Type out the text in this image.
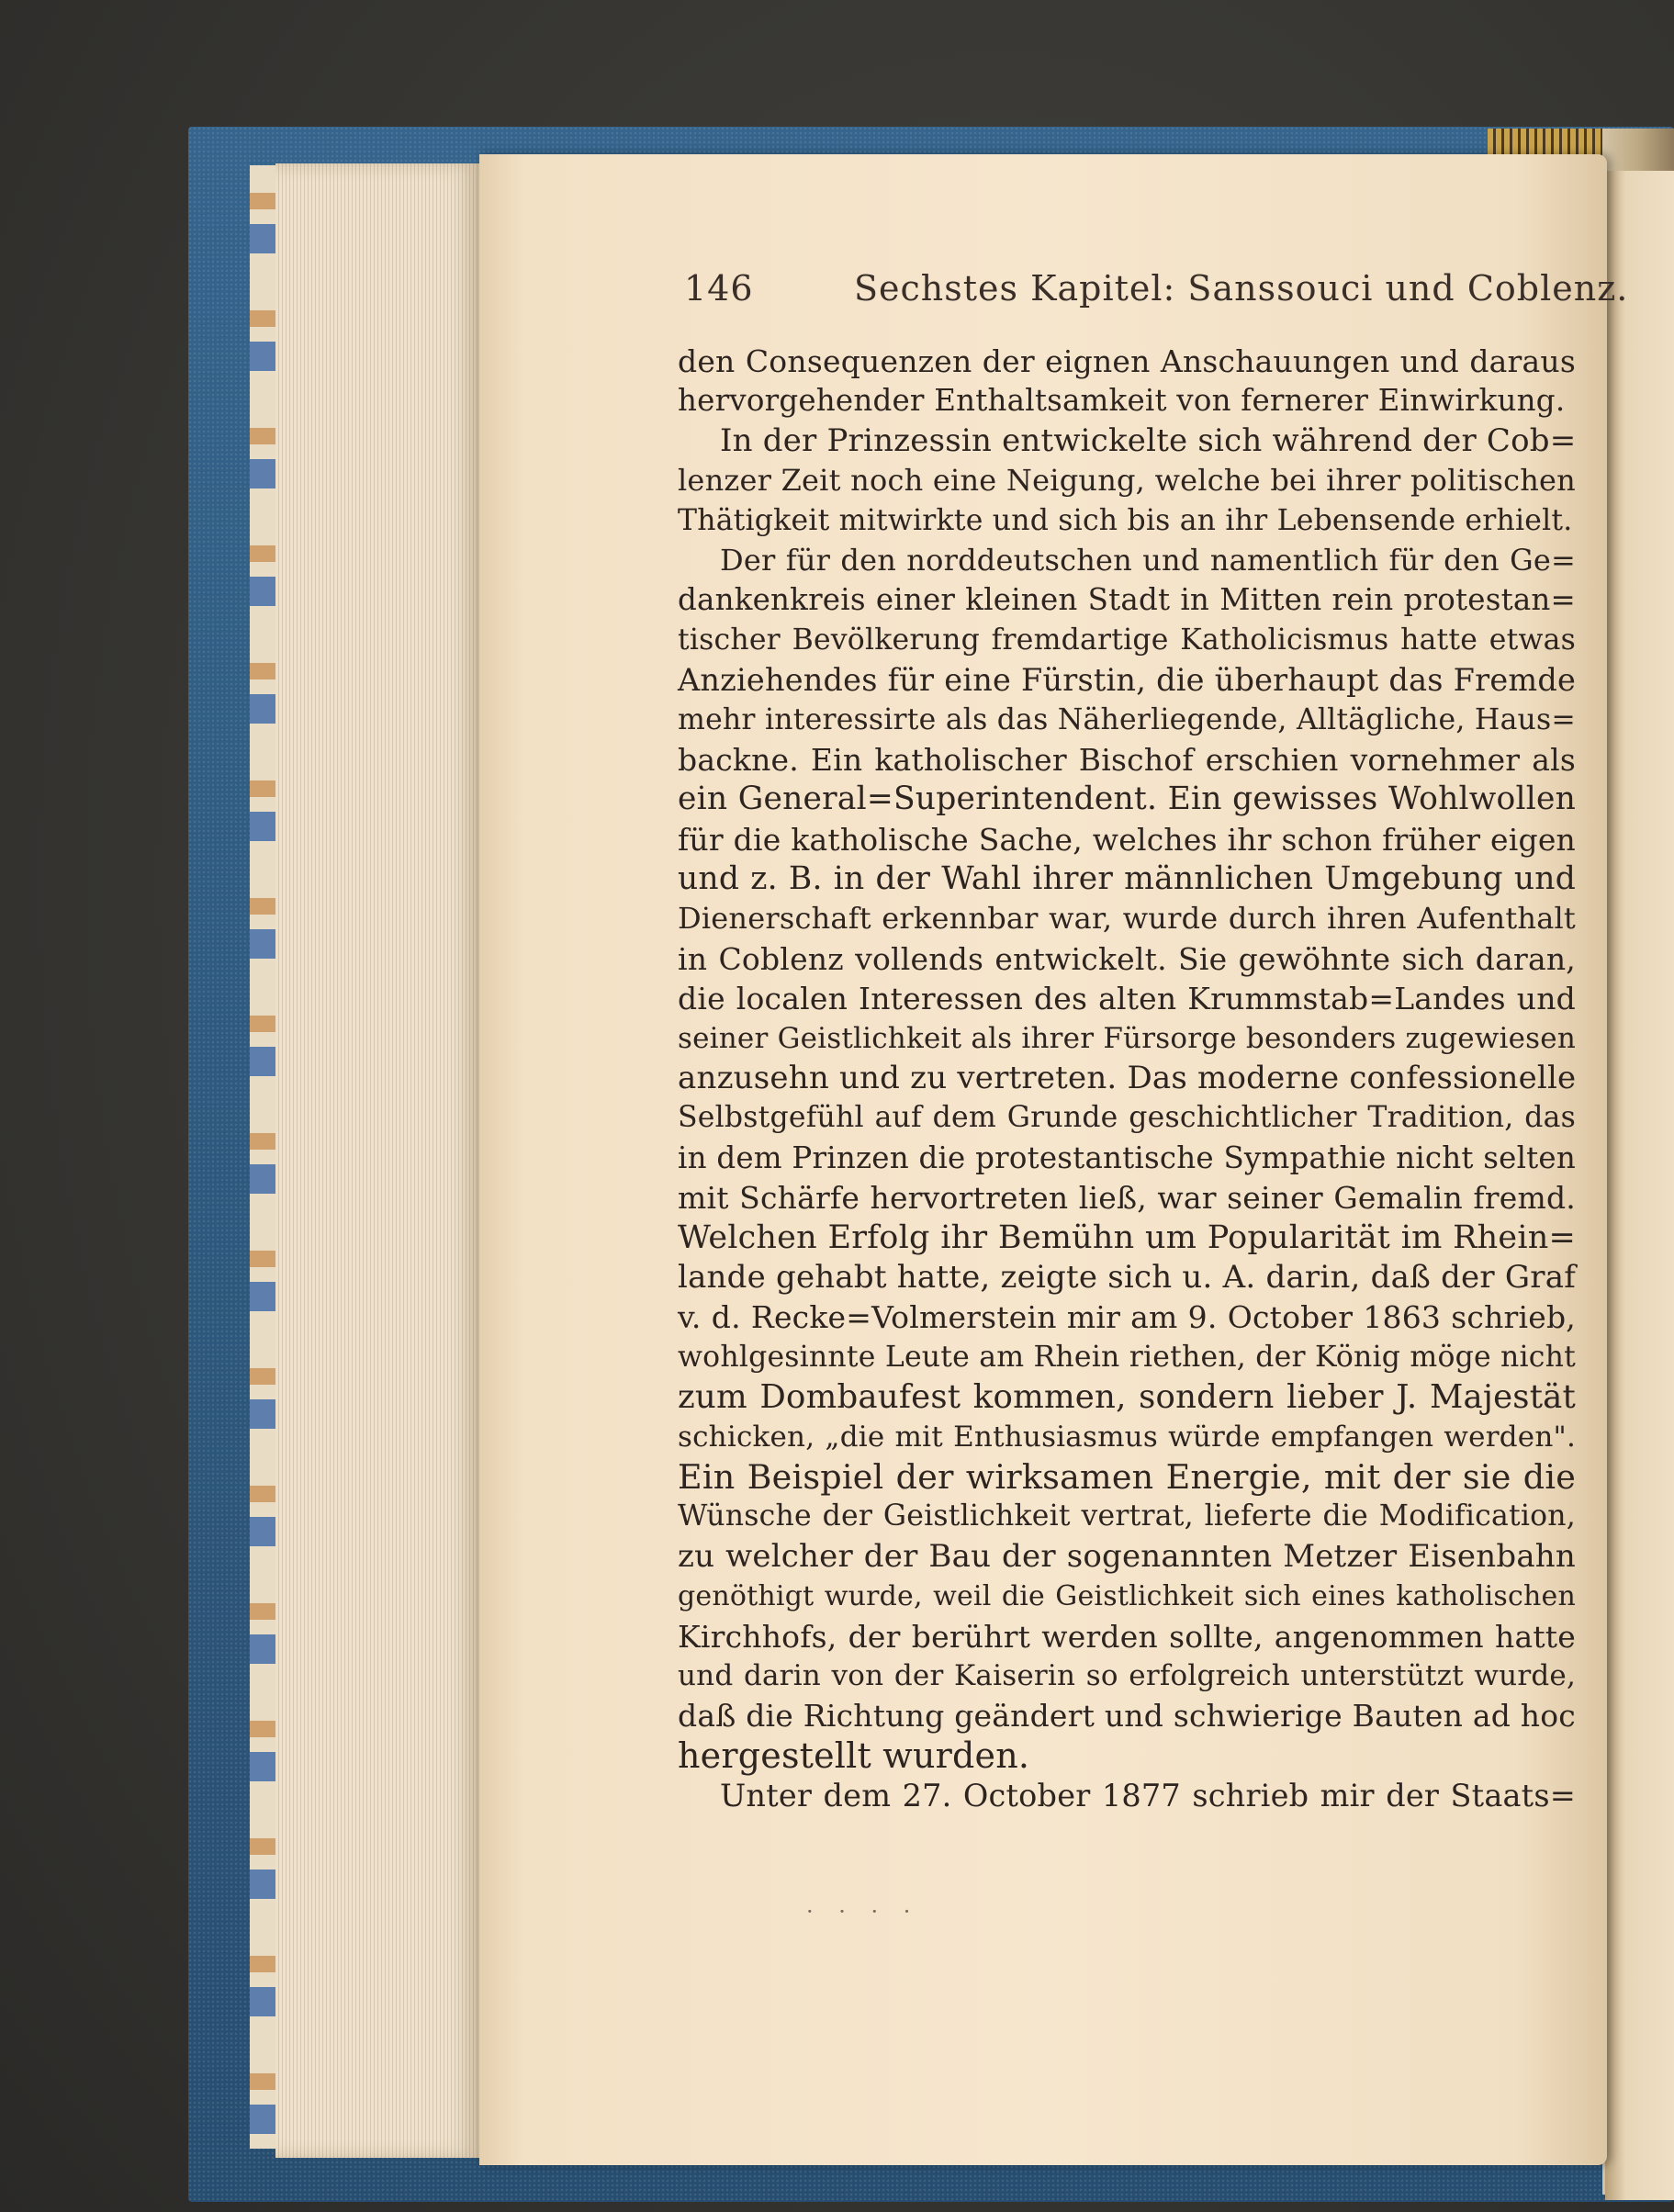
146	Sechstes Kapitel: Sanssouci und Coblenz.
den Consequenzen der eignen Anschauungen und daraus
hervorgehender Enthaltsamkeit von fernerer Einwirkung.
In der Prinzessin entwickelte sich während der Cob=
lenzer Zeit noch eine Neigung, welche bei ihrer politischen
Thätigkeit mitwirkte und sich bis an ihr Lebensende erhielt.
Der für den norddeutschen und namentlich für den Ge=
dankenkreis einer kleinen Stadt in Mitten rein protestan=
tischer Bevölkerung fremdartige Katholicismus hatte etwas
Anziehendes für eine Fürstin, die überhaupt das Fremde
mehr interessirte als das Näherliegende, Alltägliche, Haus=
backne. Ein katholischer Bischof erschien vornehmer als
ein General=Superintendent. Ein gewisses Wohlwollen
für die katholische Sache, welches ihr schon früher eigen
und z. B. in der Wahl ihrer männlichen Umgebung und
Dienerschaft erkennbar war, wurde durch ihren Aufenthalt
in Coblenz vollends entwickelt. Sie gewöhnte sich daran,
die localen Interessen des alten Krummstab=Landes und
seiner Geistlichkeit als ihrer Fürsorge besonders zugewiesen
anzusehn und zu vertreten. Das moderne confessionelle
Selbstgefühl auf dem Grunde geschichtlicher Tradition, das
in dem Prinzen die protestantische Sympathie nicht selten
mit Schärfe hervortreten ließ, war seiner Gemalin fremd.
Welchen Erfolg ihr Bemühn um Popularität im Rhein=
lande gehabt hatte, zeigte sich u. A. darin, daß der Graf
v. d. Recke=Volmerstein mir am 9. October 1863 schrieb,
wohlgesinnte Leute am Rhein riethen, der König möge nicht
zum Dombaufest kommen, sondern lieber J. Majestät
schicken, „die mit Enthusiasmus würde empfangen werden".
Ein Beispiel der wirksamen Energie, mit der sie die
Wünsche der Geistlichkeit vertrat, lieferte die Modification,
zu welcher der Bau der sogenannten Metzer Eisenbahn
genöthigt wurde, weil die Geistlichkeit sich eines katholischen
Kirchhofs, der berührt werden sollte, angenommen hatte
und darin von der Kaiserin so erfolgreich unterstützt wurde,
daß die Richtung geändert und schwierige Bauten ad hoc
hergestellt wurden.
Unter dem 27. October 1877 schrieb mir der Staats=
· · · ·
